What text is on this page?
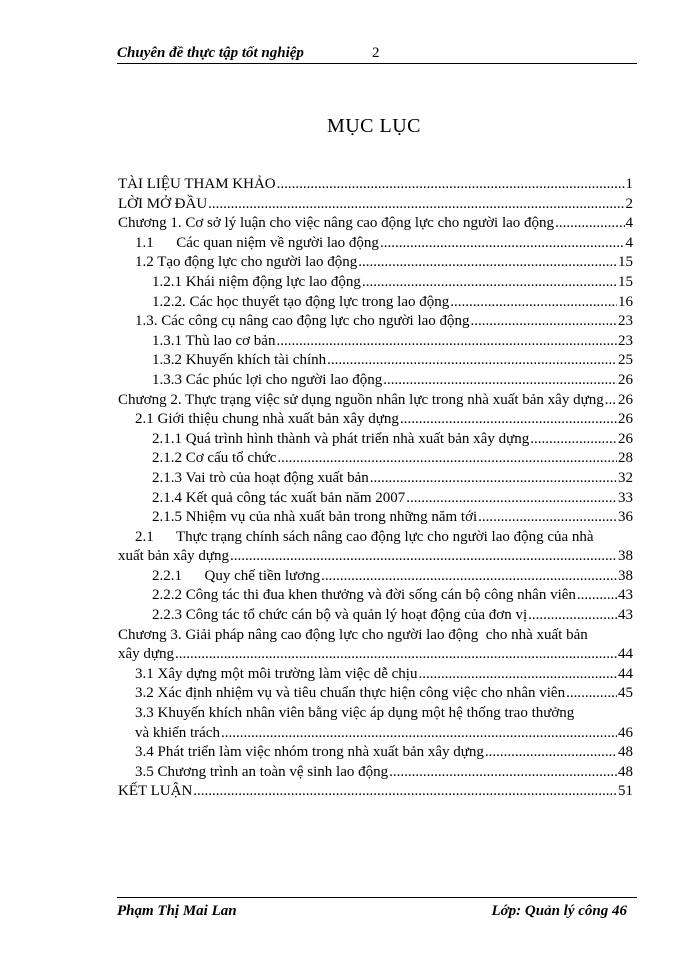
Chuyên đề thực tập tốt nghiệp	2
MỤC LỤC
TÀI LIỆU THAM KHẢO .....	1
LỜI MỞ ĐẦU .....	2
Chương 1. Cơ sở lý luận cho việc nâng cao động lực cho người lao động .....	4
1.1      Các quan niệm về người lao động .....	4
1.2 Tạo động lực cho người lao động .....	15
1.2.1 Khái niệm động lực lao động .....	15
1.2.2. Các học thuyết tạo động lực trong lao động .....	16
1.3. Các công cụ nâng cao động lực cho người lao động .....	23
1.3.1 Thù lao cơ bản .....	23
1.3.2 Khuyến khích tài chính .....	25
1.3.3 Các phúc lợi cho người lao động .....	26
Chương 2. Thực trạng việc sử dụng nguồn nhân lực trong nhà xuất bản xây dựng ..... 26
2.1 Giới thiệu chung nhà xuất bản xây dựng .....	26
2.1.1 Quá trình hình thành và phát triển nhà xuất bản xây dựng .....	26
2.1.2 Cơ cấu tổ chức .....	28
2.1.3 Vai trò của hoạt động xuất bản .....	32
2.1.4 Kết quả công tác xuất bản năm 2007 .....	33
2.1.5 Nhiệm vụ của nhà xuất bản trong những năm tới .....	36
2.1      Thực trạng chính sách nâng cao động lực cho người lao động của nhà
xuất bản xây dựng .....	38
2.2.1      Quy chế tiền lương .....	38
2.2.2 Công tác thi đua khen thưởng và đời sống cán bộ công nhân viên .....	43
2.2.3 Công tác tổ chức cán bộ và quản lý hoạt động của đơn vị .....	43
Chương 3. Giải pháp nâng cao động lực cho người lao động  cho nhà xuất bản
xây dựng .....	44
3.1 Xây dựng một môi trường làm việc dễ chịu .....	44
3.2 Xác định nhiệm vụ và tiêu chuẩn thực hiện công việc cho nhân viên .....	45
3.3 Khuyến khích nhân viên bằng việc áp dụng một hệ thống trao thưởng
và khiển trách .....	46
3.4 Phát triển làm việc nhóm trong nhà xuất bản xây dựng .....	48
3.5 Chương trình an toàn vệ sinh lao động .....	48
KẾT LUẬN .....	51
Phạm Thị Mai Lan	Lớp: Quản lý công 46
